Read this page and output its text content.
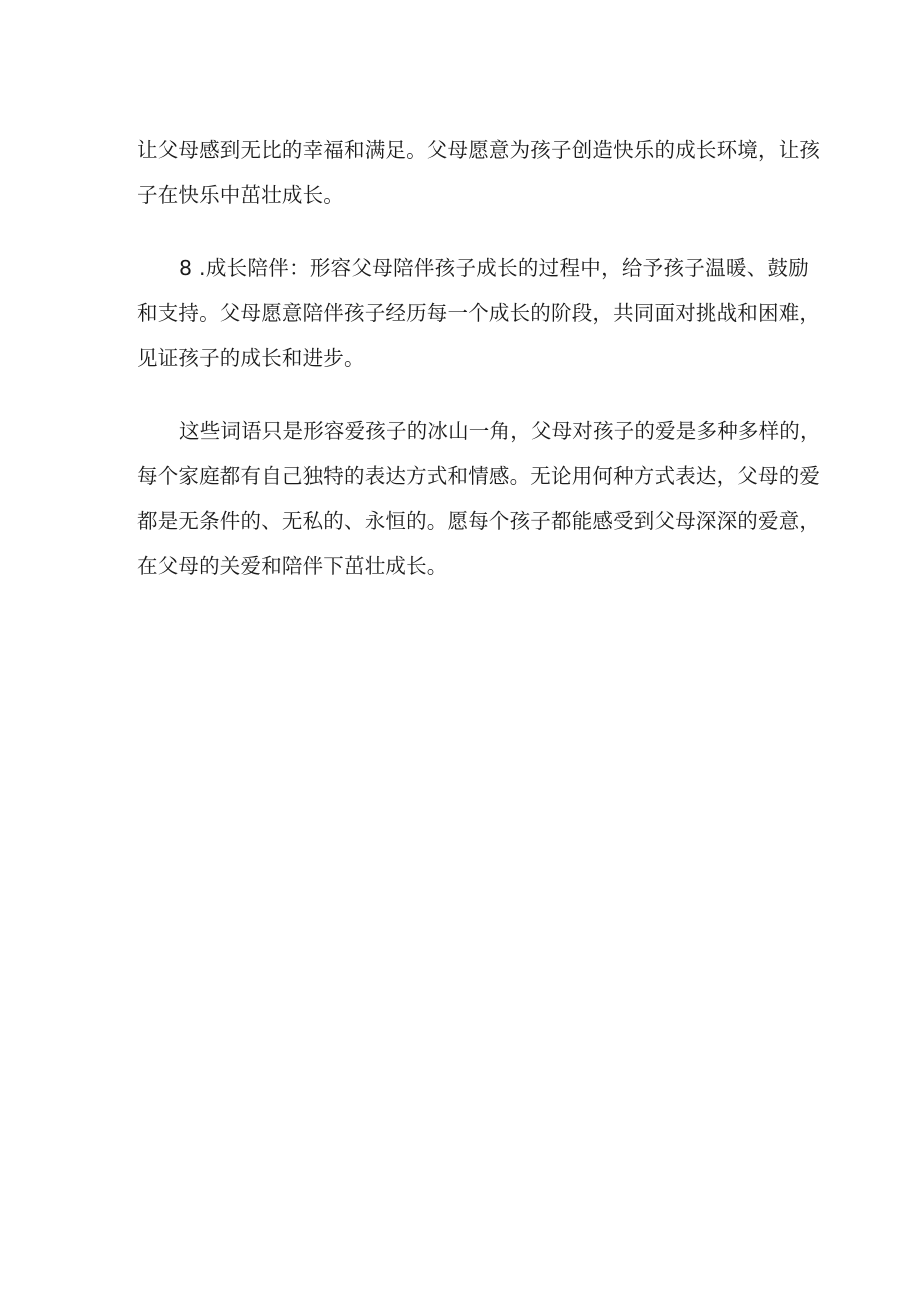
让父母感到无比的幸福和满足。父母愿意为孩子创造快乐的成长环境，让孩
子在快乐中茁壮成长。

8 .成长陪伴：形容父母陪伴孩子成长的过程中，给予孩子温暖、鼓励
和支持。父母愿意陪伴孩子经历每一个成长的阶段，共同面对挑战和困难，
见证孩子的成长和进步。

这些词语只是形容爱孩子的冰山一角，父母对孩子的爱是多种多样的，
每个家庭都有自己独特的表达方式和情感。无论用何种方式表达，父母的爱
都是无条件的、无私的、永恒的。愿每个孩子都能感受到父母深深的爱意，
在父母的关爱和陪伴下茁壮成长。
